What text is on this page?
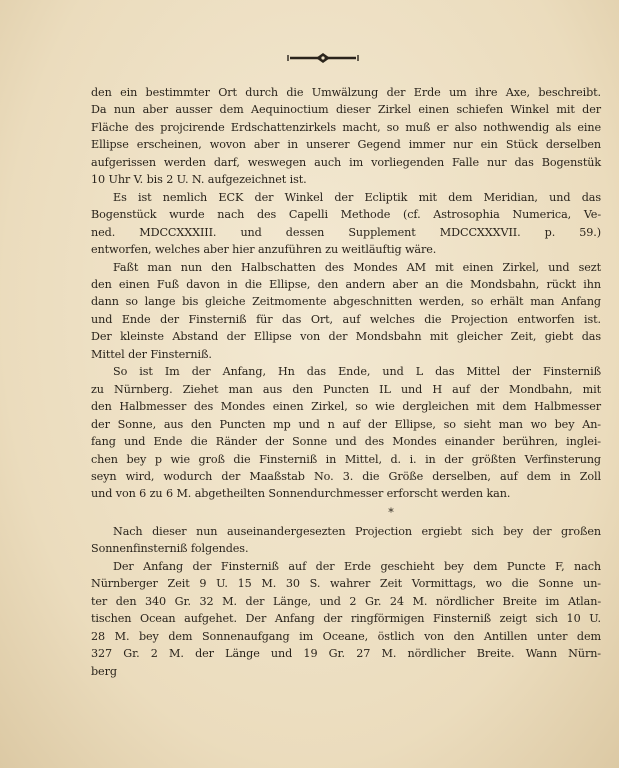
den ein bestimmter Ort durch die Umwälzung der Erde um ihre Axe, beschreibt.

Da nun aber ausser dem Aequinoctium dieser Zirkel einen schiefen Winkel mit der

Fläche des projcirende Erdschattenzirkels macht, so muß er also nothwendig als eine

Ellipse erscheinen, wovon aber in unserer Gegend immer nur ein Stück derselben

aufgerissen werden darf, weswegen auch im vorliegenden Falle nur das Bogenstük

10 Uhr V. bis 2 U. N. aufgezeichnet ist.

Es ist nemlich ECK der Winkel der Ecliptik mit dem Meridian, und das

Bogenstück wurde nach des Capelli Methode (cf. Astrosophia Numerica, Ve-

ned. MDCCXXXIII. und dessen Supplement MDCCXXXVII. p. 59.)

entworfen, welches aber hier anzuführen zu weitläuftig wäre.

Faßt man nun den Halbschatten des Mondes AM mit einen Zirkel, und sezt

den einen Fuß davon in die Ellipse, den andern aber an die Mondsbahn, rückt ihn

dann so lange bis gleiche Zeitmomente abgeschnitten werden, so erhält man Anfang

und Ende der Finsterniß für das Ort, auf welches die Projection entworfen ist.

Der kleinste Abstand der Ellipse von der Mondsbahn mit gleicher Zeit, giebt das

Mittel der Finsterniß.

So ist Im der Anfang, Hn das Ende, und L das Mittel der Finsterniß

zu Nürnberg. Ziehet man aus den Puncten IL und H auf der Mondbahn, mit

den Halbmesser des Mondes einen Zirkel, so wie dergleichen mit dem Halbmesser

der Sonne, aus den Puncten mp und n auf der Ellipse, so sieht man wo bey An-

fang und Ende die Ränder der Sonne und des Mondes einander berühren, inglei-

chen bey p wie groß die Finsterniß in Mittel, d. i. in der größten Verfinsterung

seyn wird, wodurch der Maaßstab No. 3. die Größe derselben, auf dem in Zoll

und von 6 zu 6 M. abgetheilten Sonnendurchmesser erforscht werden kan.

*

Nach dieser nun auseinandergesezten Projection ergiebt sich bey der großen

Sonnenfinsterniß folgendes.

Der Anfang der Finsterniß auf der Erde geschieht bey dem Puncte F, nach

Nürnberger Zeit 9 U. 15 M. 30 S. wahrer Zeit Vormittags, wo die Sonne un-

ter den 340 Gr. 32 M. der Länge, und 2 Gr. 24 M. nördlicher Breite im Atlan-

tischen Ocean aufgehet. Der Anfang der ringförmigen Finsterniß zeigt sich 10 U.

28 M. bey dem Sonnenaufgang im Oceane, östlich von den Antillen unter dem

327 Gr. 2 M. der Länge und 19 Gr. 27 M. nördlicher Breite. Wann Nürn-

berg
